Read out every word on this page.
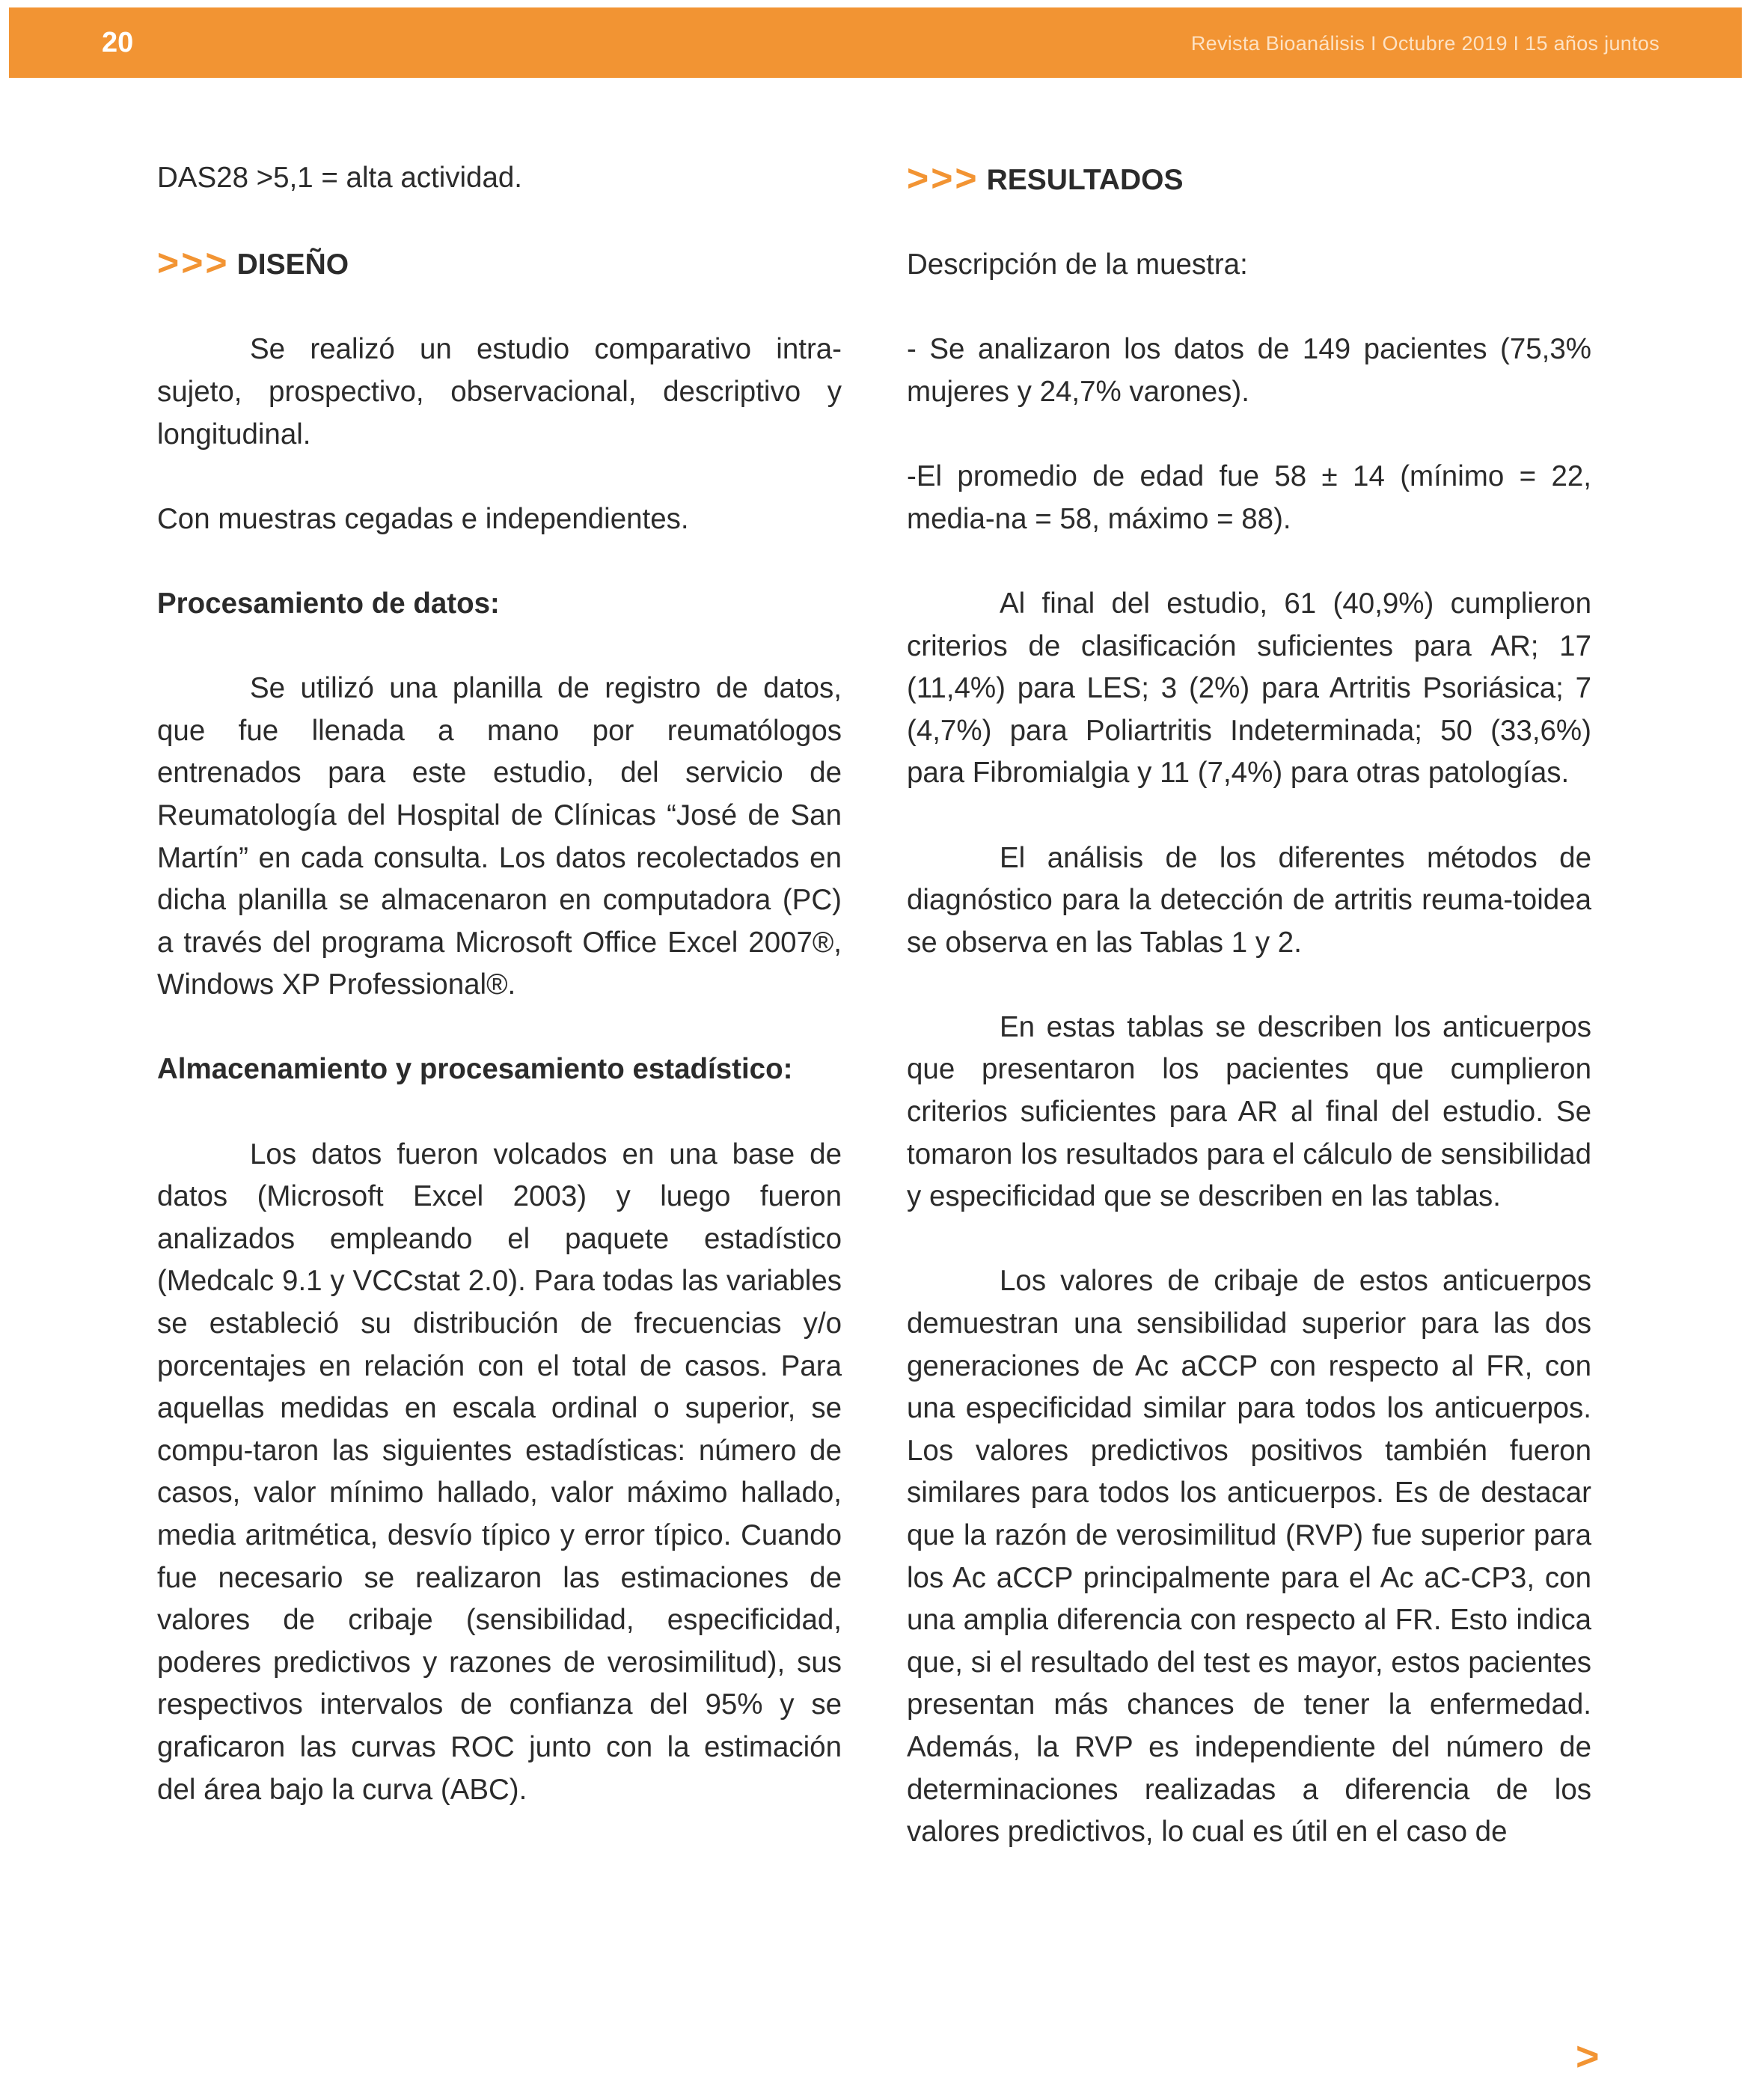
20	Revista Bioanálisis I Octubre 2019 I 15 años juntos

DAS28 >5,1 = alta actividad.

>>> DISEÑO

Se realizó un estudio comparativo intra-sujeto, prospectivo, observacional, descriptivo y longitudinal.

Con muestras cegadas e independientes.

Procesamiento de datos:

Se utilizó una planilla de registro de datos, que fue llenada a mano por reumatólogos entrenados para este estudio, del servicio de Reumatología del Hospital de Clínicas “José de San Martín” en cada consulta. Los datos recolectados en dicha planilla se almacenaron en computadora (PC) a través del programa Microsoft Office Excel 2007®, Windows XP Professional®.

Almacenamiento y procesamiento estadístico:

Los datos fueron volcados en una base de datos (Microsoft Excel 2003) y luego fueron analizados empleando el paquete estadístico (Medcalc 9.1 y VCCstat 2.0). Para todas las variables se estableció su distribución de frecuencias y/o porcentajes en relación con el total de casos. Para aquellas medidas en escala ordinal o superior, se compu-taron las siguientes estadísticas: número de casos, valor mínimo hallado, valor máximo hallado, media aritmética, desvío típico y error típico. Cuando fue necesario se realizaron las estimaciones de valores de cribaje (sensibilidad, especificidad, poderes predictivos y razones de verosimilitud), sus respectivos intervalos de confianza del 95% y se graficaron las curvas ROC junto con la estimación del área bajo la curva (ABC).

>>> RESULTADOS

Descripción de la muestra:

- Se analizaron los datos de 149 pacientes (75,3% mujeres y 24,7% varones).

-El promedio de edad fue 58 ± 14 (mínimo = 22, media-na = 58, máximo = 88).

Al final del estudio, 61 (40,9%) cumplieron criterios de clasificación suficientes para AR; 17 (11,4%) para LES; 3 (2%) para Artritis Psoriásica; 7 (4,7%) para Poliartritis Indeterminada; 50 (33,6%) para Fibromialgia y 11 (7,4%) para otras patologías.

El análisis de los diferentes métodos de diagnóstico para la detección de artritis reuma-toidea se observa en las Tablas 1 y 2.

En estas tablas se describen los anticuerpos que presentaron los pacientes que cumplieron criterios suficientes para AR al final del estudio. Se tomaron los resultados para el cálculo de sensibilidad y especificidad que se describen en las tablas.

Los valores de cribaje de estos anticuerpos demuestran una sensibilidad superior para las dos generaciones de Ac aCCP con respecto al FR, con una especificidad similar para todos los anticuerpos. Los valores predictivos positivos también fueron similares para todos los anticuerpos. Es de destacar que la razón de verosimilitud (RVP) fue superior para los Ac aCCP principalmente para el Ac aC-CP3, con una amplia diferencia con respecto al FR. Esto indica que, si el resultado del test es mayor, estos pacientes presentan más chances de tener la enfermedad. Además, la RVP es independiente del número de determinaciones realizadas a diferencia de los valores predictivos, lo cual es útil en el caso de

>
